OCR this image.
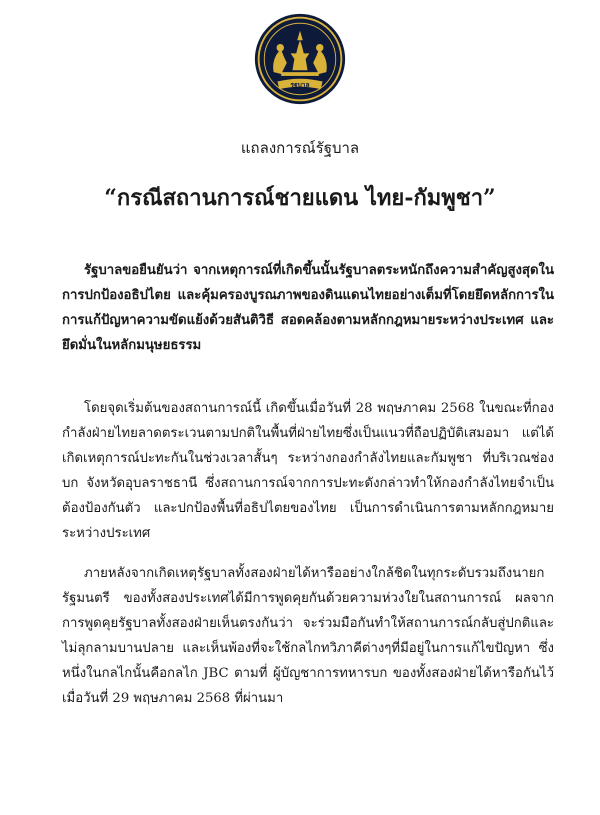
รฐบาล
แถลงการณ์รัฐบาล
“กรณีสถานการณ์ชายแดน ไทย-กัมพูชา”

รัฐบาลขอยืนยันว่า จากเหตุการณ์ที่เกิดขึ้นนั้นรัฐบาลตระหนักถึงความสำคัญสูงสุดในการปกป้องอธิปไตย และคุ้มครองบูรณภาพของดินแดนไทยอย่างเต็มที่โดยยึดหลักการในการแก้ปัญหาความขัดแย้งด้วยสันติวิธี สอดคล้องตามหลักกฎหมายระหว่างประเทศ และยึดมั่นในหลักมนุษยธรรม

โดยจุดเริ่มต้นของสถานการณ์นี้ เกิดขึ้นเมื่อวันที่ 28 พฤษภาคม 2568 ในขณะที่กองกำลังฝ่ายไทยลาดตระเวนตามปกติในพื้นที่ฝ่ายไทยซึ่งเป็นแนวที่ถือปฏิบัติเสมอมา แต่ได้เกิดเหตุการณ์ปะทะกันในช่วงเวลาสั้นๆ ระหว่างกองกำลังไทยและกัมพูชา ที่บริเวณช่องบก จังหวัดอุบลราชธานี ซึ่งสถานการณ์จากการปะทะดังกล่าวทำให้กองกำลังไทยจำเป็นต้องป้องกันตัว และปกป้องพื้นที่อธิปไตยของไทย เป็นการดำเนินการตามหลักกฎหมายระหว่างประเทศ

ภายหลังจากเกิดเหตุรัฐบาลทั้งสองฝ่ายได้หารืออย่างใกล้ชิดในทุกระดับรวมถึงนายกรัฐมนตรี ของทั้งสองประเทศได้มีการพูดคุยกันด้วยความห่วงใยในสถานการณ์ ผลจากการพูดคุยรัฐบาลทั้งสองฝ่ายเห็นตรงกันว่า จะร่วมมือกันทำให้สถานการณ์กลับสู่ปกติและไม่ลุกลามบานปลาย และเห็นพ้องที่จะใช้กลไกทวิภาคีต่างๆที่มีอยู่ในการแก้ไขปัญหา ซึ่งหนึ่งในกลไกนั้นคือกลไก JBC ตามที่ ผู้บัญชาการทหารบก ของทั้งสองฝ่ายได้หารือกันไว้ เมื่อวันที่ 29 พฤษภาคม 2568 ที่ผ่านมา
